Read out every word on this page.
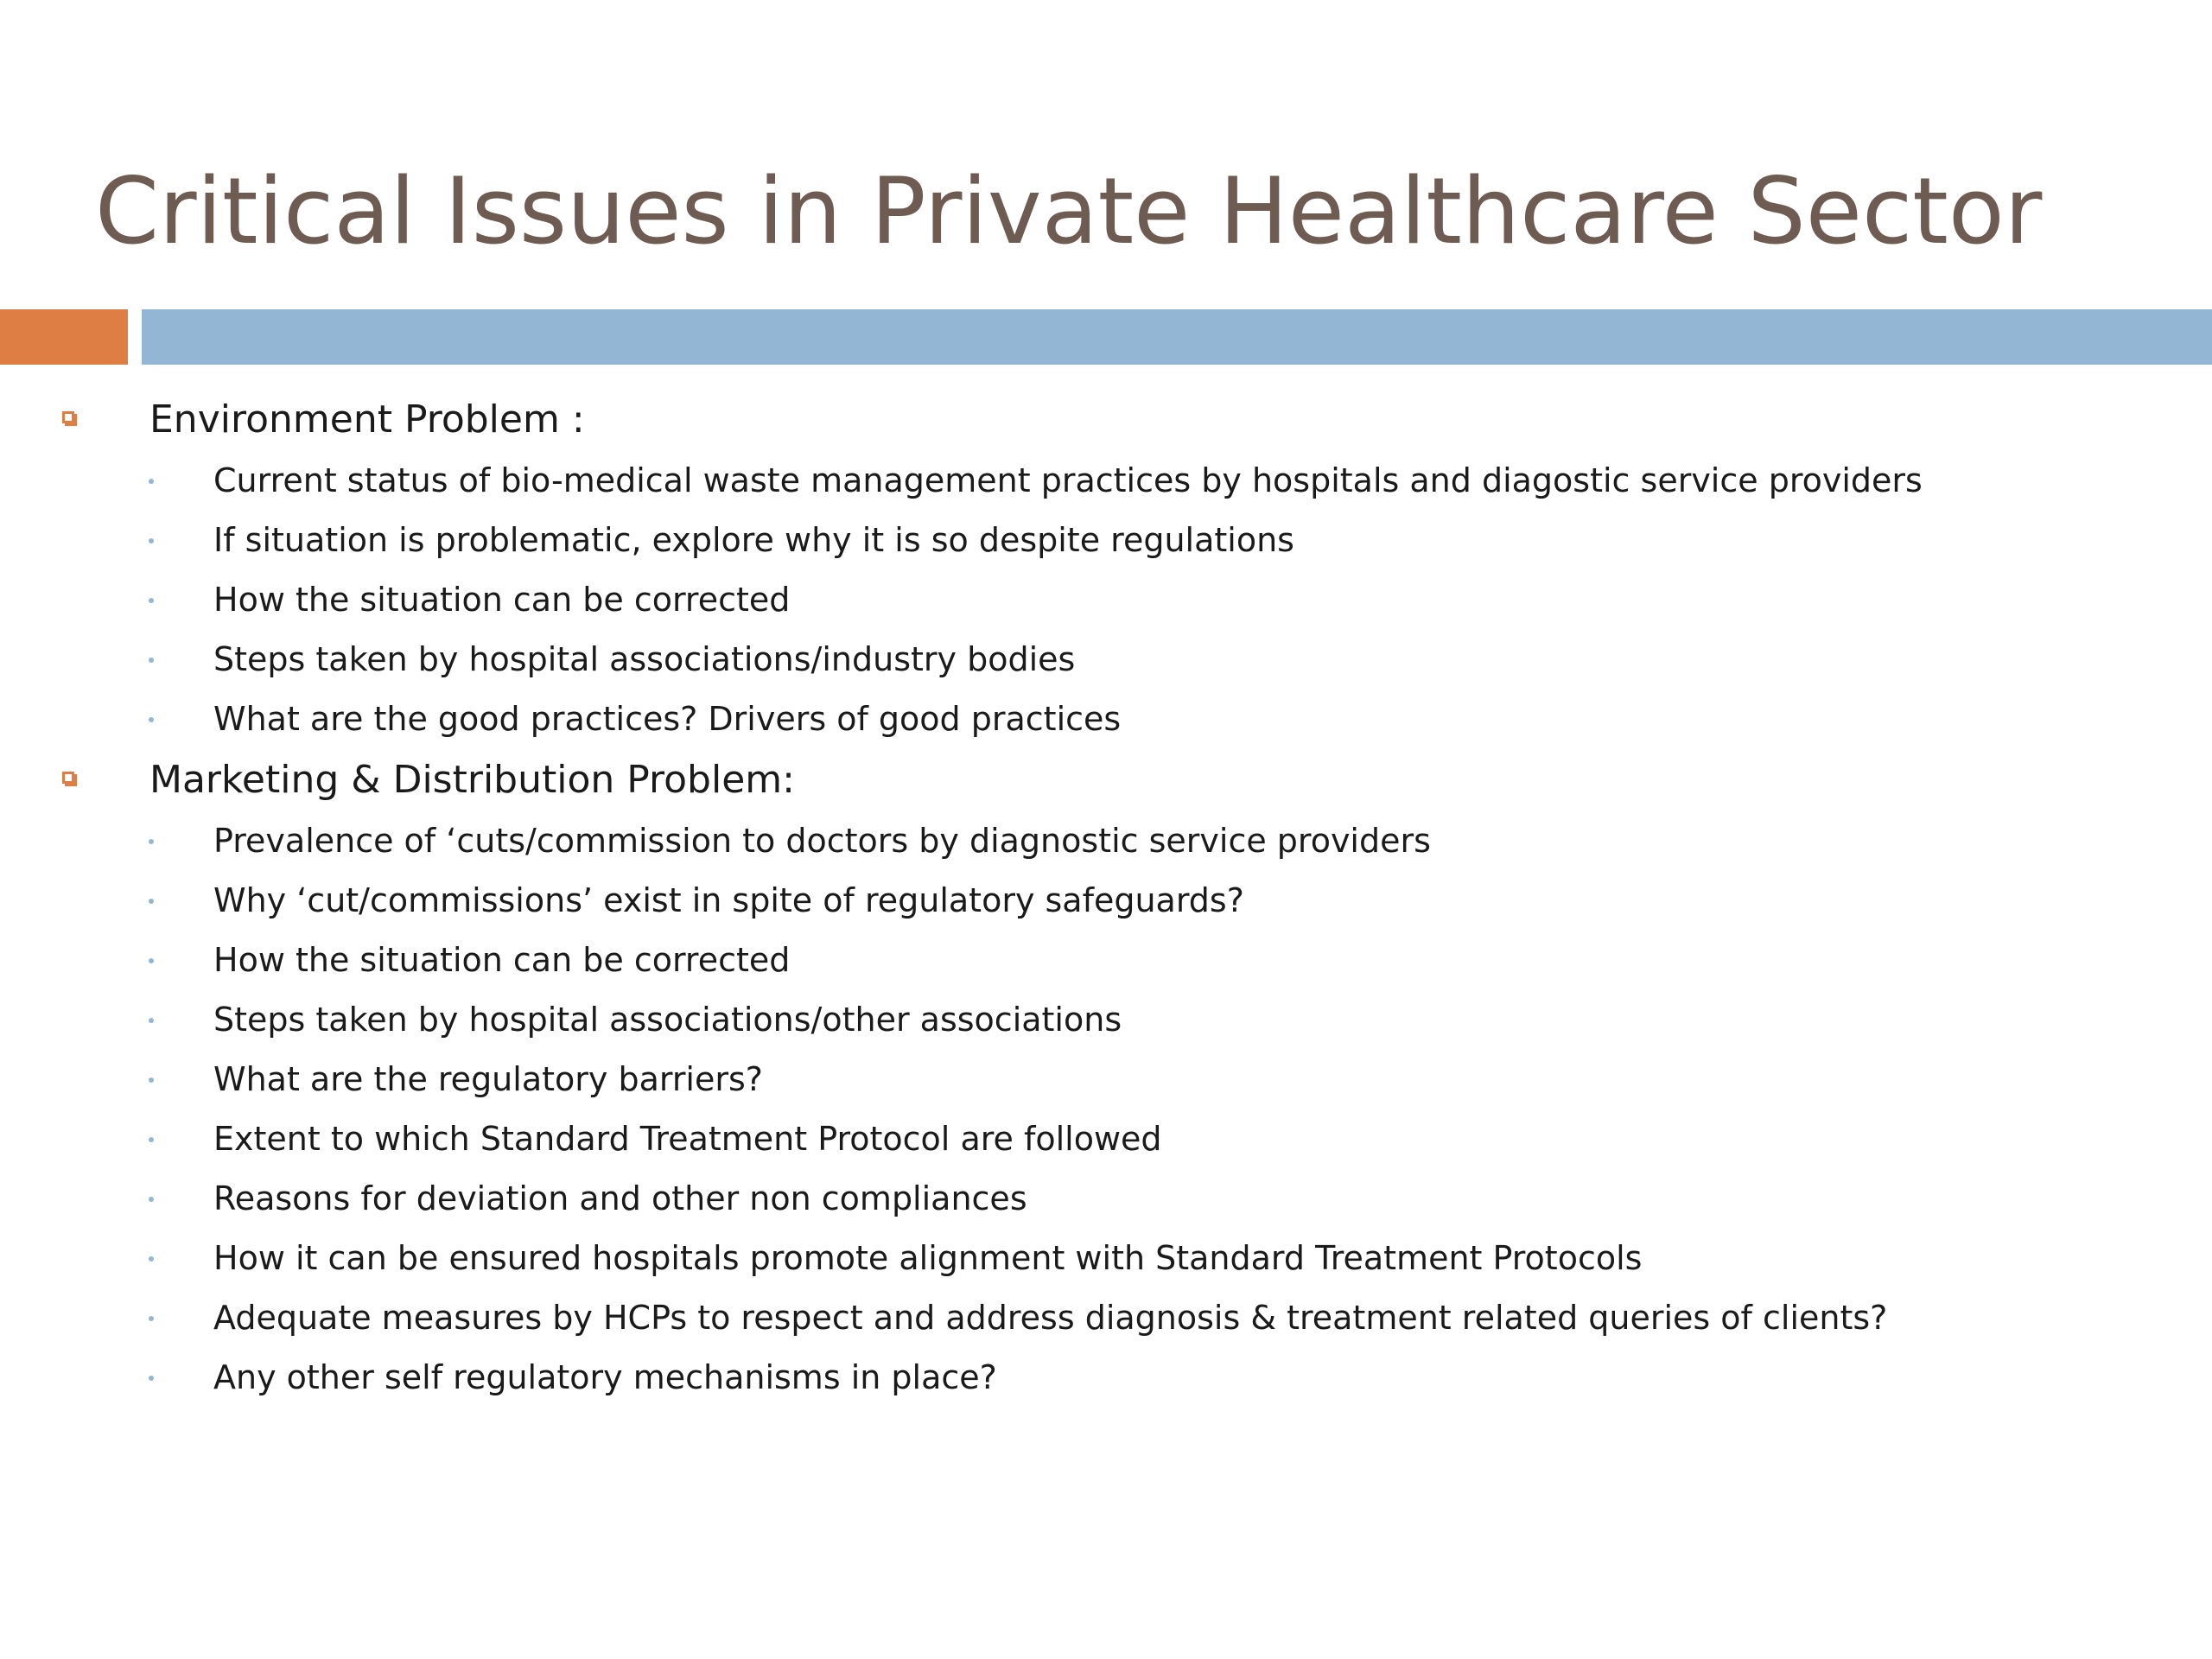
Critical Issues in Private Healthcare Sector
Environment Problem :
Current status of bio-medical waste management practices by hospitals and diagostic service providers
If situation is problematic, explore why it is so despite regulations
How the situation can be corrected
Steps taken by hospital associations/industry bodies
What are the good practices? Drivers of good practices
Marketing & Distribution Problem:
Prevalence of ‘cuts/commission to doctors by diagnostic service providers
Why ‘cut/commissions’ exist in spite of regulatory safeguards?
How the situation can be corrected
Steps taken by hospital associations/other associations
What are the regulatory barriers?
Extent to which Standard Treatment Protocol are followed
Reasons for deviation and other non compliances
How it can be ensured hospitals promote alignment with Standard Treatment Protocols
Adequate measures by HCPs to respect and address diagnosis & treatment related queries of clients?
Any other self regulatory mechanisms in place?
